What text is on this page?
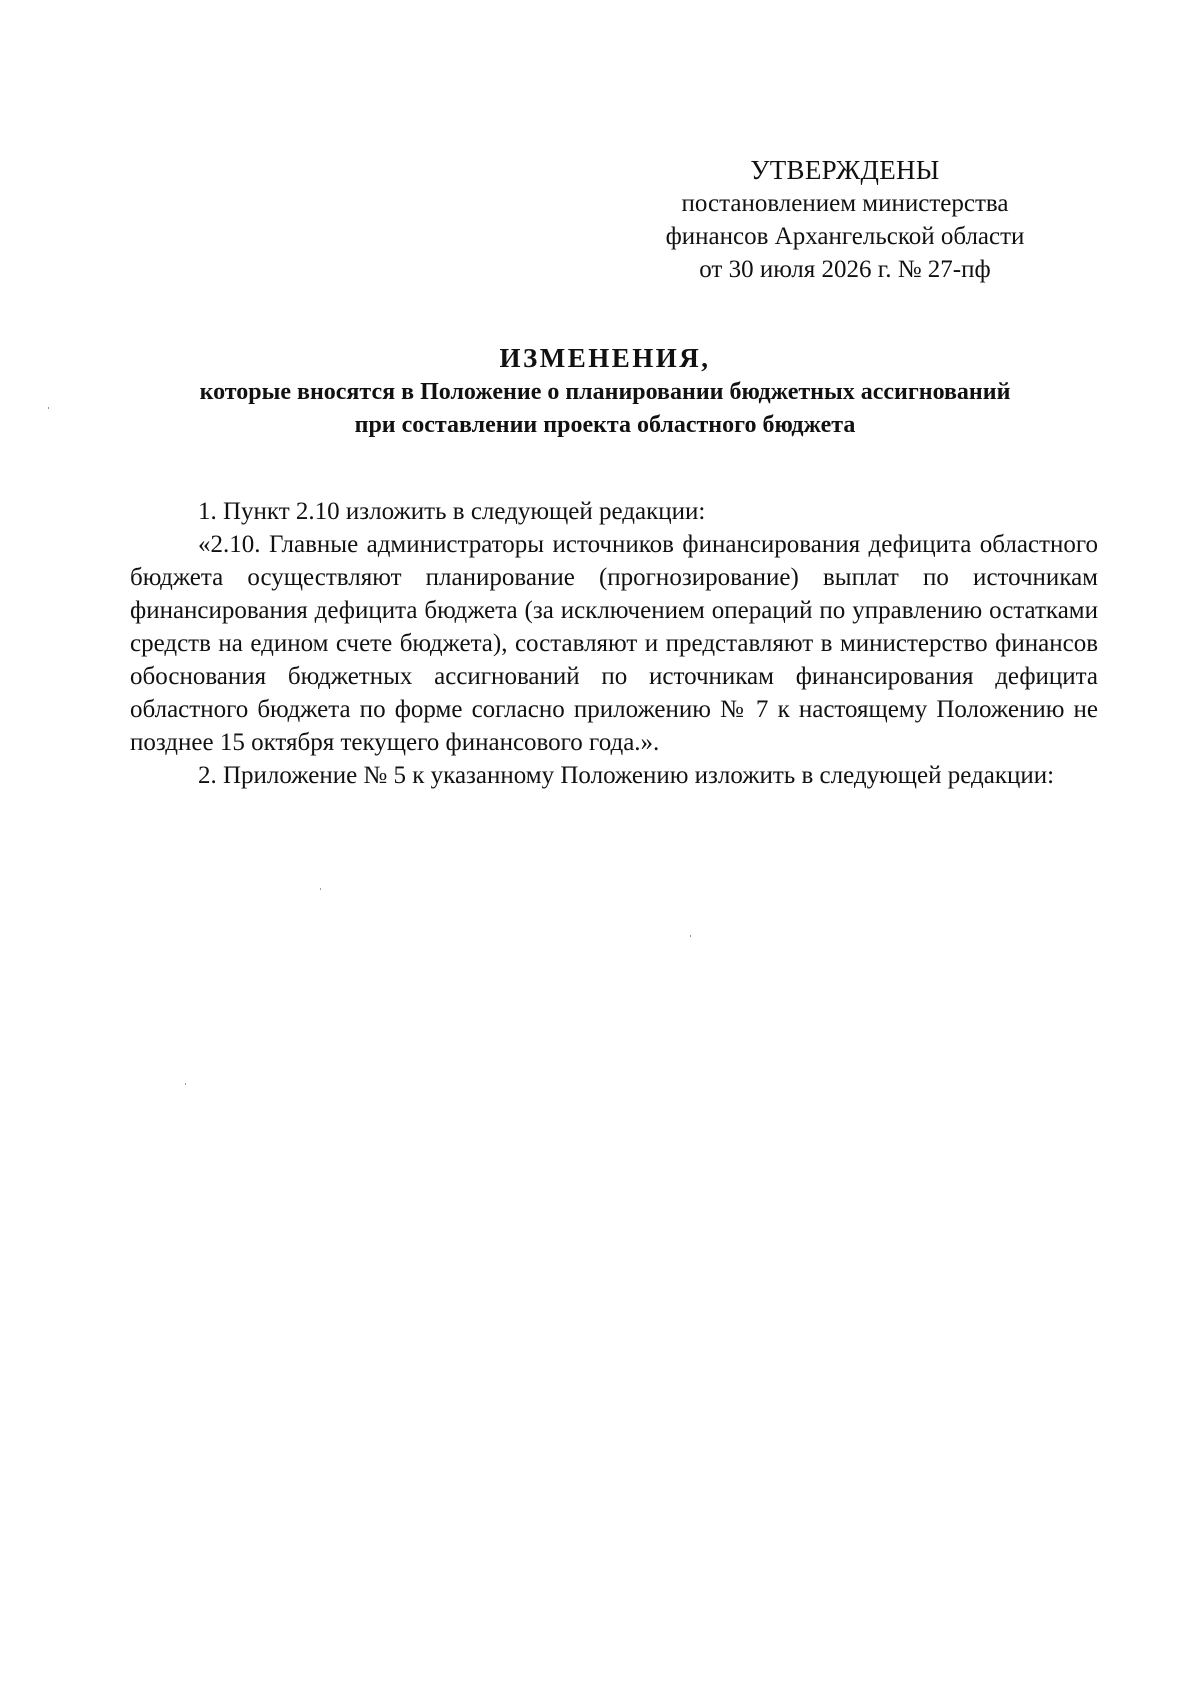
УТВЕРЖДЕНЫ
постановлением министерства
финансов Архангельской области
от 30 июля 2026 г. № 27-пф
ИЗМЕНЕНИЯ,
которые вносятся в Положение о планировании бюджетных ассигнований
при составлении проекта областного бюджета

1. Пункт 2.10 изложить в следующей редакции:

«2.10. Главные администраторы источников финансирования дефицита областного бюджета осуществляют планирование (прогнозирование) выплат по источникам финансирования дефицита бюджета (за исключением операций по управлению остатками средств на едином счете бюджета), составляют и представляют в министерство финансов обоснования бюджетных ассигнований по источникам финансирования дефицита областного бюджета по форме согласно приложению № 7 к настоящему Положению не позднее 15 октября текущего финансового года.».

2. Приложение № 5 к указанному Положению изложить в следующей редакции:
